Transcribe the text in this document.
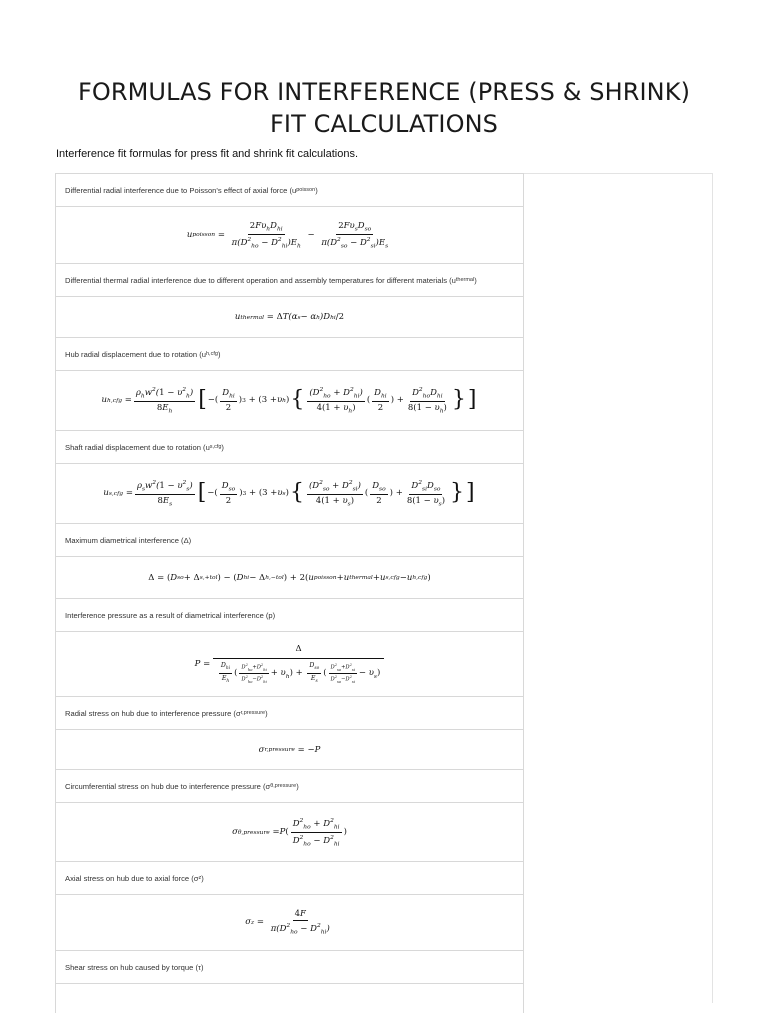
FORMULAS FOR INTERFERENCE (PRESS & SHRINK)
FIT CALCULATIONS

Interference fit formulas for press fit and shrink fit calculations.

Differential radial interference due to Poisson's effect of axial force (u poisson )
u poisson
=
$\frac{2F\upsilon_hD_{hi}}{\pi(D^2_{ho} - D^2_{hi})E_h}$
−
$\frac{2F\upsilon_sD_{so}}{\pi(D^2_{so} - D^2_{si})E_s}$
Differential thermal radial interference due to different operation and assembly temperatures for different materials (u thermal )
u thermal
= Δ T(α s − α h )D hi /2
Hub radial displacement due to rotation (u h,cfg )
u h,cfg
= $\frac{\rho_hw^2(1 - \upsilon^2_h)}{8E_h}$ [ −( $\frac{D_{hi}}{2}$ ) 3
+ (3 + υ h ) { $\frac{(D^2_{ho} + D^2_{hi})}{4(1 + \upsilon_h)}$ ( $\frac{D_{hi}}{2}$ ) + $\frac{D^2_{ho}D_{hi}}{8(1 - \upsilon_h)}$ } ]
Shaft radial displacement due to rotation (u s,cfg )
u s,cfg
= $\frac{\rho_sw^2(1 - \upsilon^2_s)}{8E_s}$ [ −( $\frac{D_{so}}{2}$ ) 3
+ (3 + υ s ) { $\frac{(D^2_{so} + D^2_{si})}{4(1 + \upsilon_s)}$ ( $\frac{D_{so}}{2}$ ) + $\frac{D^2_{si}D_{so}}{8(1 - \upsilon_s)}$ } ]
Maximum diametrical interference (Δ)
Δ = ( D so + Δ s,+tol ) − ( D hi − Δ h,−tol ) + 2( u poisson + u thermal + u s,cfg − u h,cfg )
Interference pressure as a result of diametrical interference (p)
P =

Δ
$\frac{D_{hi}}{E_h}$ ( $\frac{D^2_{ho}+D^2_{hi}}{D^2_{ho}-D^2_{hi}} + \upsilon_h) + \frac{D_{so}}{E_s}$ ( $\frac{D^2_{so}+D^2_{si}}{D^2_{so}-D^2_{si}} - \upsilon_s$)
Radial stress on hub due to interference pressure (σ r,pressure )
σ r,pressure
= − P
Circumferential stress on hub due to interference pressure (σ θ,pressure )
σ θ,pressure
= P ( $\frac{D^2_{ho} + D^2_{hi}}{D^2_{ho} - D^2_{hi}}$ )
Axial stress on hub due to axial force (σ z )
σ z
=
$\frac{4F}{\pi(D^2_{ho} - D^2_{hi})}$
Shear stress on hub caused by torque (τ)
